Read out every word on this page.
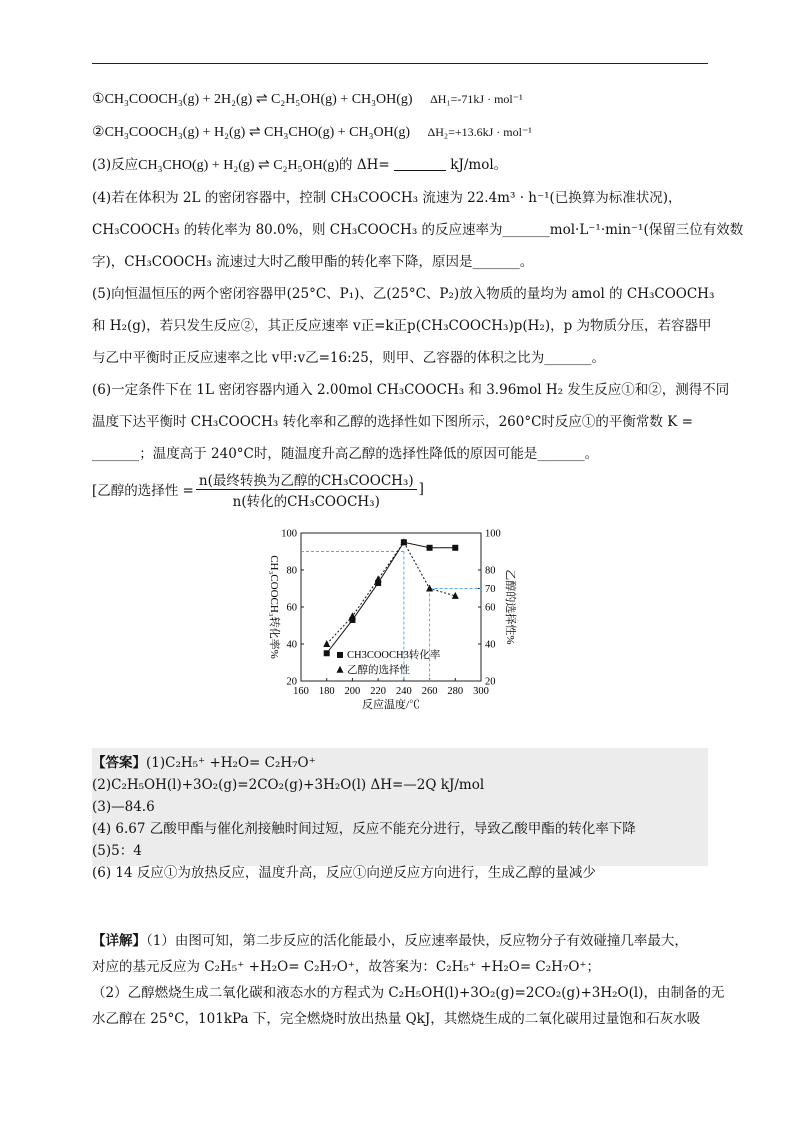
①CH₃COOCH₃(g) + 2H₂(g) ⇌ C₂H₅OH(g) + CH₃OH(g) ΔH₁=-71kJ · mol⁻¹
②CH₃COOCH₃(g) + H₂(g) ⇌ CH₃CHO(g) + CH₃OH(g) ΔH₂=+13.6kJ · mol⁻¹
(3)反应CH₃CHO(g) + H₂(g) ⇌ C₂H₅OH(g)的 ΔH=	kJ/mol。
(4)若在体积为 2L 的密闭容器中，控制 CH₃COOCH₃ 流速为 22.4m³ · h⁻¹(已换算为标准状况)，
CH₃COOCH₃ 的转化率为 80.0%，则 CH₃COOCH₃ 的反应速率为_______mol·L⁻¹·min⁻¹(保留三位有效数
字)，CH₃COOCH₃ 流速过大时乙酸甲酯的转化率下降，原因是_______。
(5)向恒温恒压的两个密闭容器甲(25°C、P₁)、乙(25°C、P₂)放入物质的量均为 amol 的 CH₃COOCH₃
和 H₂(g)，若只发生反应②，其正反应速率 v正=k正p(CH₃COOCH₃)p(H₂)，p 为物质分压，若容器甲
与乙中平衡时正反应速率之比 v甲:v乙=16:25，则甲、乙容器的体积之比为_______。
(6)一定条件下在 1L 密闭容器内通入 2.00mol CH₃COOCH₃ 和 3.96mol H₂ 发生反应①和②，测得不同
温度下达平衡时 CH₃COOCH₃ 转化率和乙醇的选择性如下图所示，260°C时反应①的平衡常数 K =
_______；温度高于 240°C时，随温度升高乙醇的选择性降低的原因可能是_______。
[乙醇的选择性 = $\frac{\text{n(最终转换为乙醇的CH₃COOCH₃)}}{\text{n(转化的CH₃COOCH₃)}}$ ]
160 180 200 220 240 260 280 300
20
40
60
80
100
20
40
60
70
80
100
CH3COOCH3转化率
乙醇的选择性
反应温度/℃
CH₃COOCH₃转化率%	乙醇的选择性%
【答案】(1)C₂H₅⁺ +H₂O= C₂H₇O⁺
(2)C₂H₅OH(l)+3O₂(g)=2CO₂(g)+3H₂O(l) ΔH=—2Q kJ/mol
(3)—84.6
(4) 6.67 乙酸甲酯与催化剂接触时间过短，反应不能充分进行，导致乙酸甲酯的转化率下降
(5)5：4
(6) 14 反应①为放热反应，温度升高，反应①向逆反应方向进行，生成乙醇的量减少
【详解】（1）由图可知，第二步反应的活化能最小，反应速率最快，反应物分子有效碰撞几率最大，
对应的基元反应为 C₂H₅⁺ +H₂O= C₂H₇O⁺，故答案为：C₂H₅⁺ +H₂O= C₂H₇O⁺；
（2）乙醇燃烧生成二氧化碳和液态水的方程式为 C₂H₅OH(l)+3O₂(g)=2CO₂(g)+3H₂O(l)，由制备的无
水乙醇在 25°C，101kPa 下，完全燃烧时放出热量 QkJ，其燃烧生成的二氧化碳用过量饱和石灰水吸
